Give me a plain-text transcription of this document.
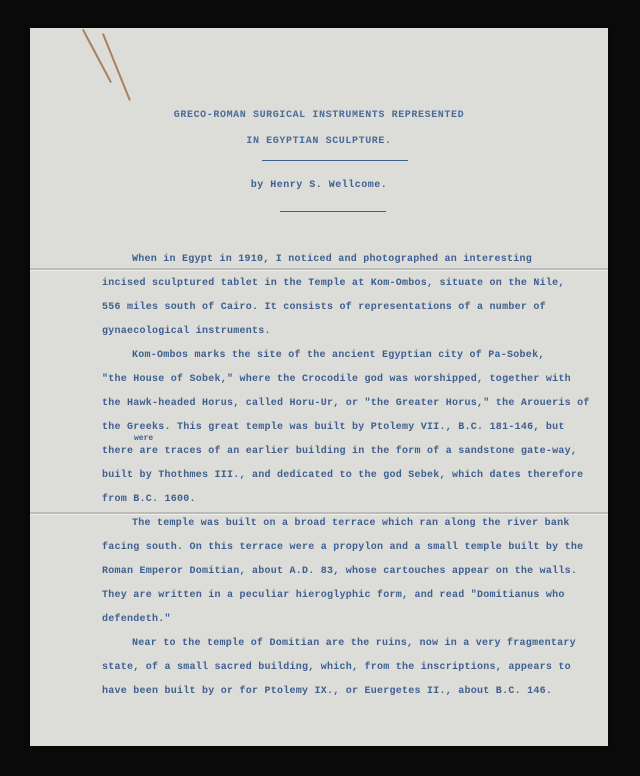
GRECO-ROMAN SURGICAL INSTRUMENTS REPRESENTED
IN EGYPTIAN SCULPTURE.
by Henry S. Wellcome.
When in Egypt in 1910, I noticed and photographed an interesting
incised sculptured tablet in the Temple at Kom-Ombos, situate on the Nile,
556 miles south of Cairo. It consists of representations of a number of
gynaecological instruments.
Kom-Ombos marks the site of the ancient Egyptian city of Pa-Sobek,
"the House of Sobek," where the Crocodile god was worshipped, together with
the Hawk-headed Horus, called Horu-Ur, or "the Greater Horus," the Aroueris of
the Greeks. This great temple was built by Ptolemy VII., B.C. 181-146, but
were
there are traces of an earlier building in the form of a sandstone gate-way,
built by Thothmes III., and dedicated to the god Sebek, which dates therefore
from B.C. 1600.
The temple was built on a broad terrace which ran along the river bank
facing south. On this terrace were a propylon and a small temple built by the
Roman Emperor Domitian, about A.D. 83, whose cartouches appear on the walls.
They are written in a peculiar hieroglyphic form, and read "Domitianus who
defendeth."
Near to the temple of Domitian are the ruins, now in a very fragmentary
state, of a small sacred building, which, from the inscriptions, appears to
have been built by or for Ptolemy IX., or Euergetes II., about B.C. 146.
